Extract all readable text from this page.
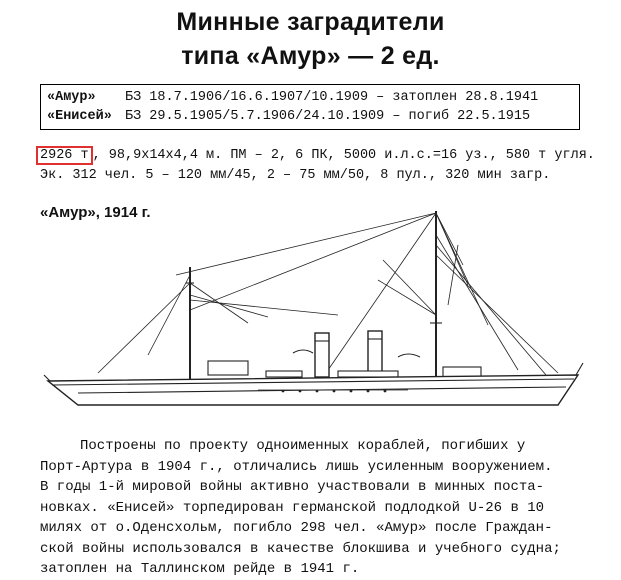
Минные заградители
типа «Амур» — 2 ед.
«Амур» БЗ 18.7.1906/16.6.1907/10.1909 – затоплен 28.8.1941
«Енисей» БЗ 29.5.1905/5.7.1906/24.10.1909 – погиб 22.5.1915
2926 т , 98,9x14x4,4 м. ПМ – 2, 6 ПК, 5000 и.л.с.=16 уз., 580 т угля.
Эк. 312 чел. 5 – 120 мм/45, 2 – 75 мм/50, 8 пул., 320 мин загр.
«Амур», 1914 г.
Построены по проекту одноименных кораблей, погибших у
Порт-Артура в 1904 г., отличались лишь усиленным вооружением.
В годы 1-й мировой войны активно участвовали в минных поста-
новках. «Енисей» торпедирован германской подлодкой U-26 в 10
милях от о.Оденсхольм, погибло 298 чел. «Амур» после Граждан-
ской войны использовался в качестве блокшива и учебного судна;
затоплен на Таллинском рейде в 1941 г.
